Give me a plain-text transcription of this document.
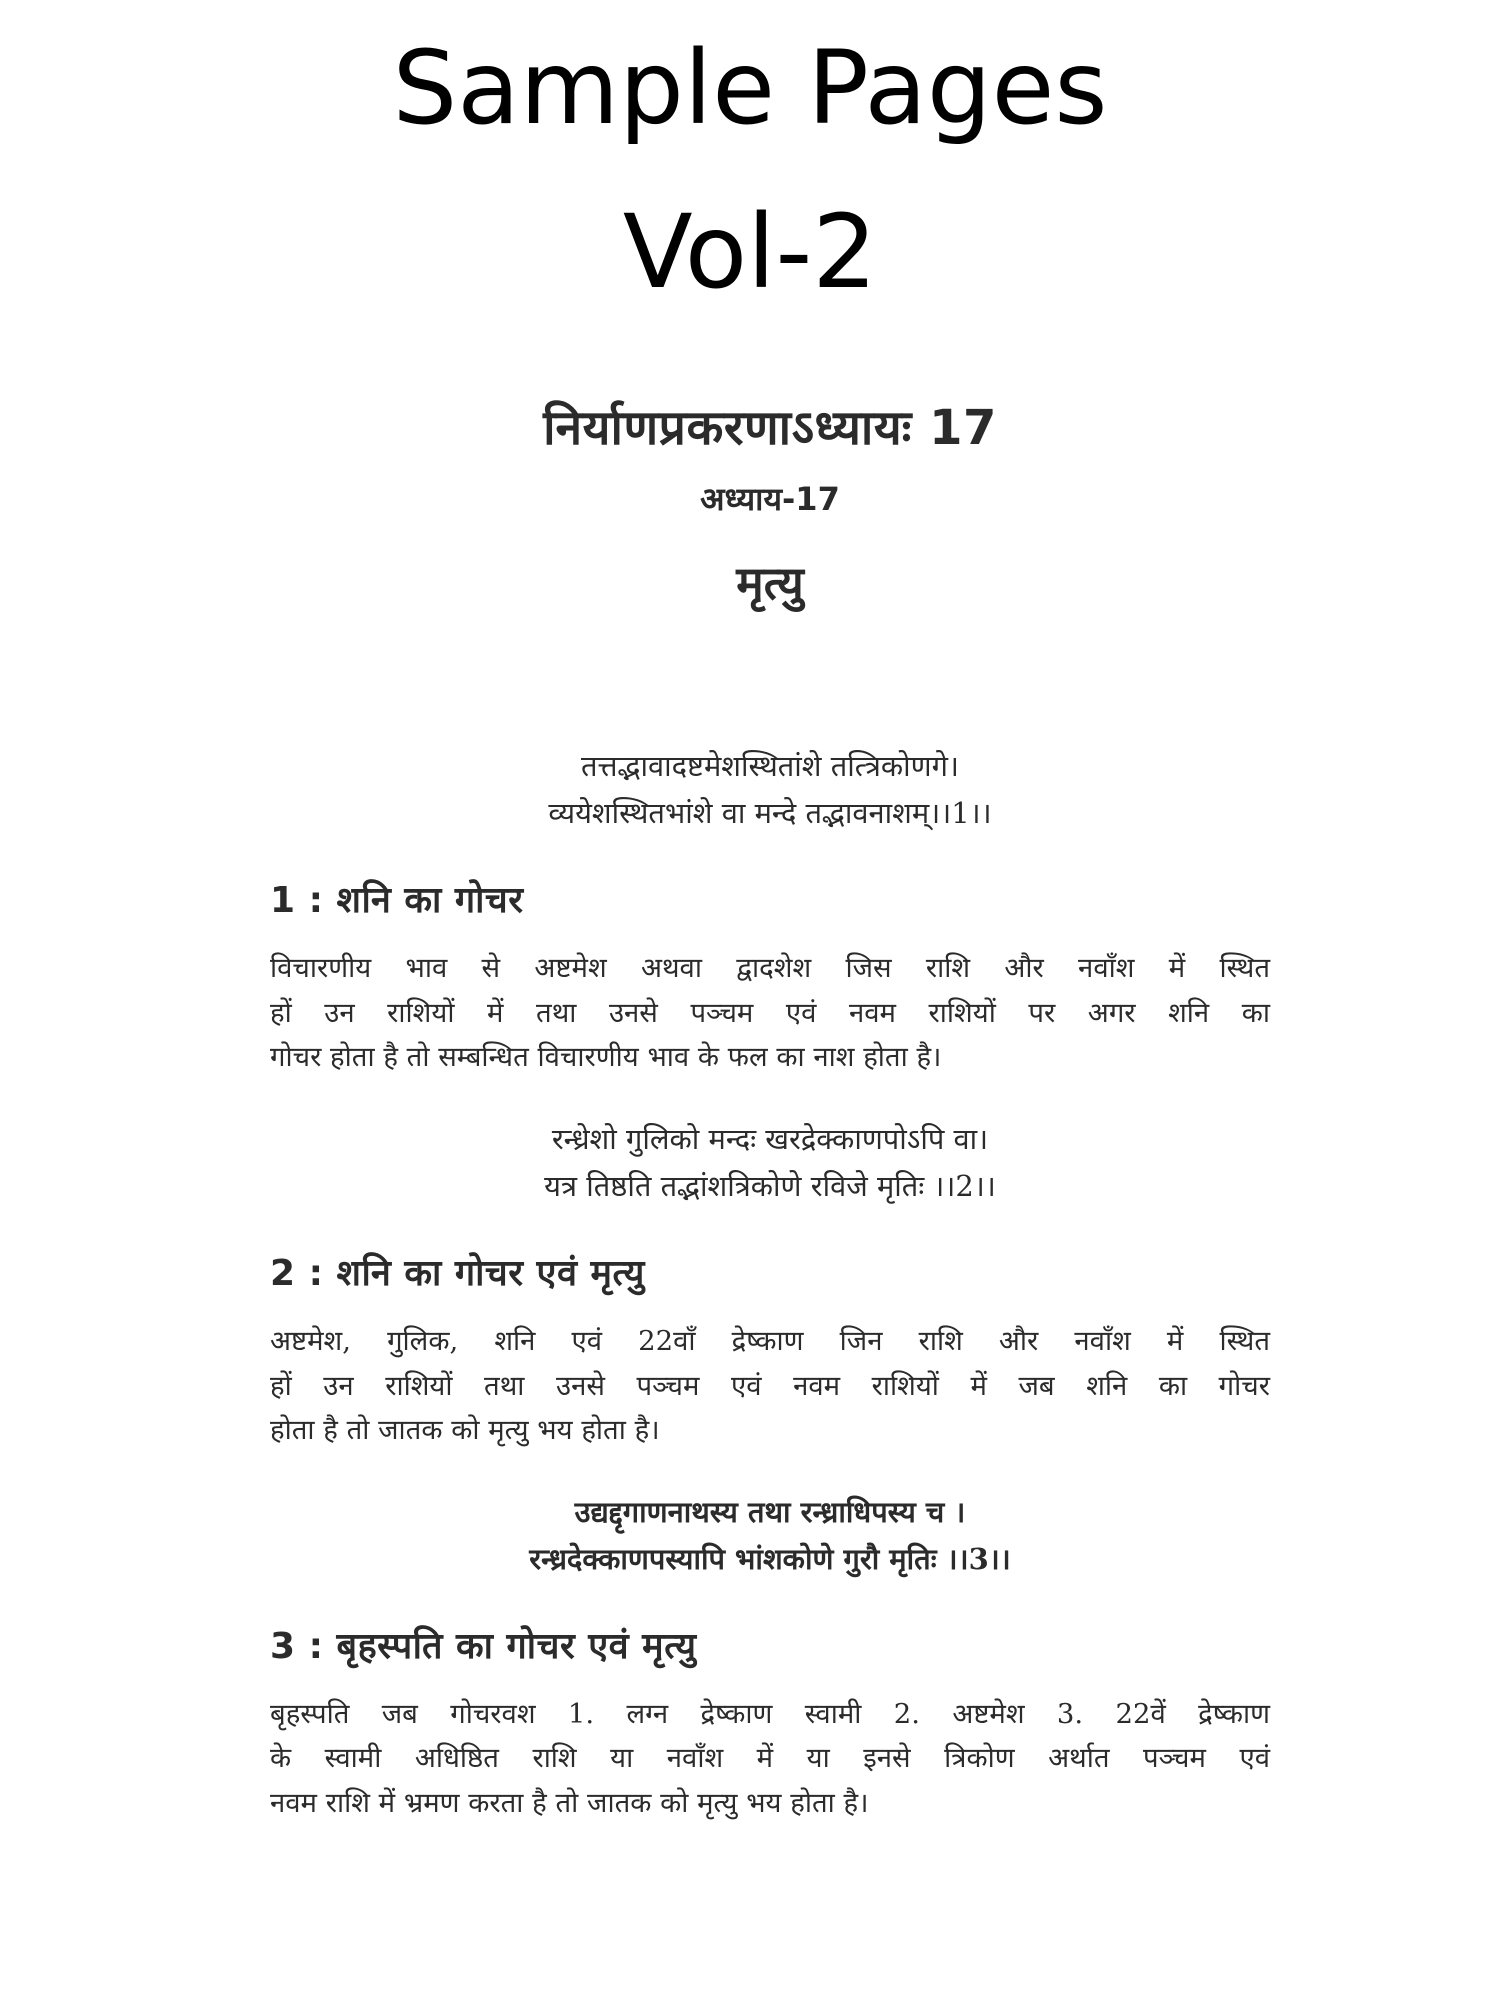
Sample Pages
Vol-2
निर्याणप्रकरणाऽध्यायः 17
अध्याय-17
मृत्यु
तत्तद्भावादष्टमेशस्थितांशे तत्त्रिकोणगे।
व्ययेशस्थितभांशे वा मन्दे तद्भावनाशम्।।1।।
1 : शनि का गोचर
विचारणीय भाव से अष्टमेश अथवा द्वादशेश जिस राशि और नवाँश में स्थित
हों उन राशियों में तथा उनसे पञ्चम एवं नवम राशियों पर अगर शनि का
गोचर होता है तो सम्बन्धित विचारणीय भाव के फल का नाश होता है।
रन्ध्रेशो गुलिको मन्दः खरद्रेक्काणपोऽपि वा।
यत्र तिष्ठति तद्भांशत्रिकोणे रविजे मृतिः ।।2।।
2 : शनि का गोचर एवं मृत्यु
अष्टमेश, गुलिक, शनि एवं 22वाँ द्रेष्काण जिन राशि और नवाँश में स्थित
हों उन राशियों तथा उनसे पञ्चम एवं नवम राशियों में जब शनि का गोचर
होता है तो जातक को मृत्यु भय होता है।
उद्यद्दृगाणनाथस्य तथा रन्ध्राधिपस्य च ।
रन्ध्रदेक्काणपस्यापि भांशकोणे गुरौ मृतिः ।।3।।
3 : बृहस्पति का गोचर एवं मृत्यु
बृहस्पति जब गोचरवश 1. लग्न द्रेष्काण स्वामी 2. अष्टमेश 3. 22वें द्रेष्काण
के स्वामी अधिष्ठित राशि या नवाँश में या इनसे त्रिकोण अर्थात पञ्चम एवं
नवम राशि में भ्रमण करता है तो जातक को मृत्यु भय होता है।
